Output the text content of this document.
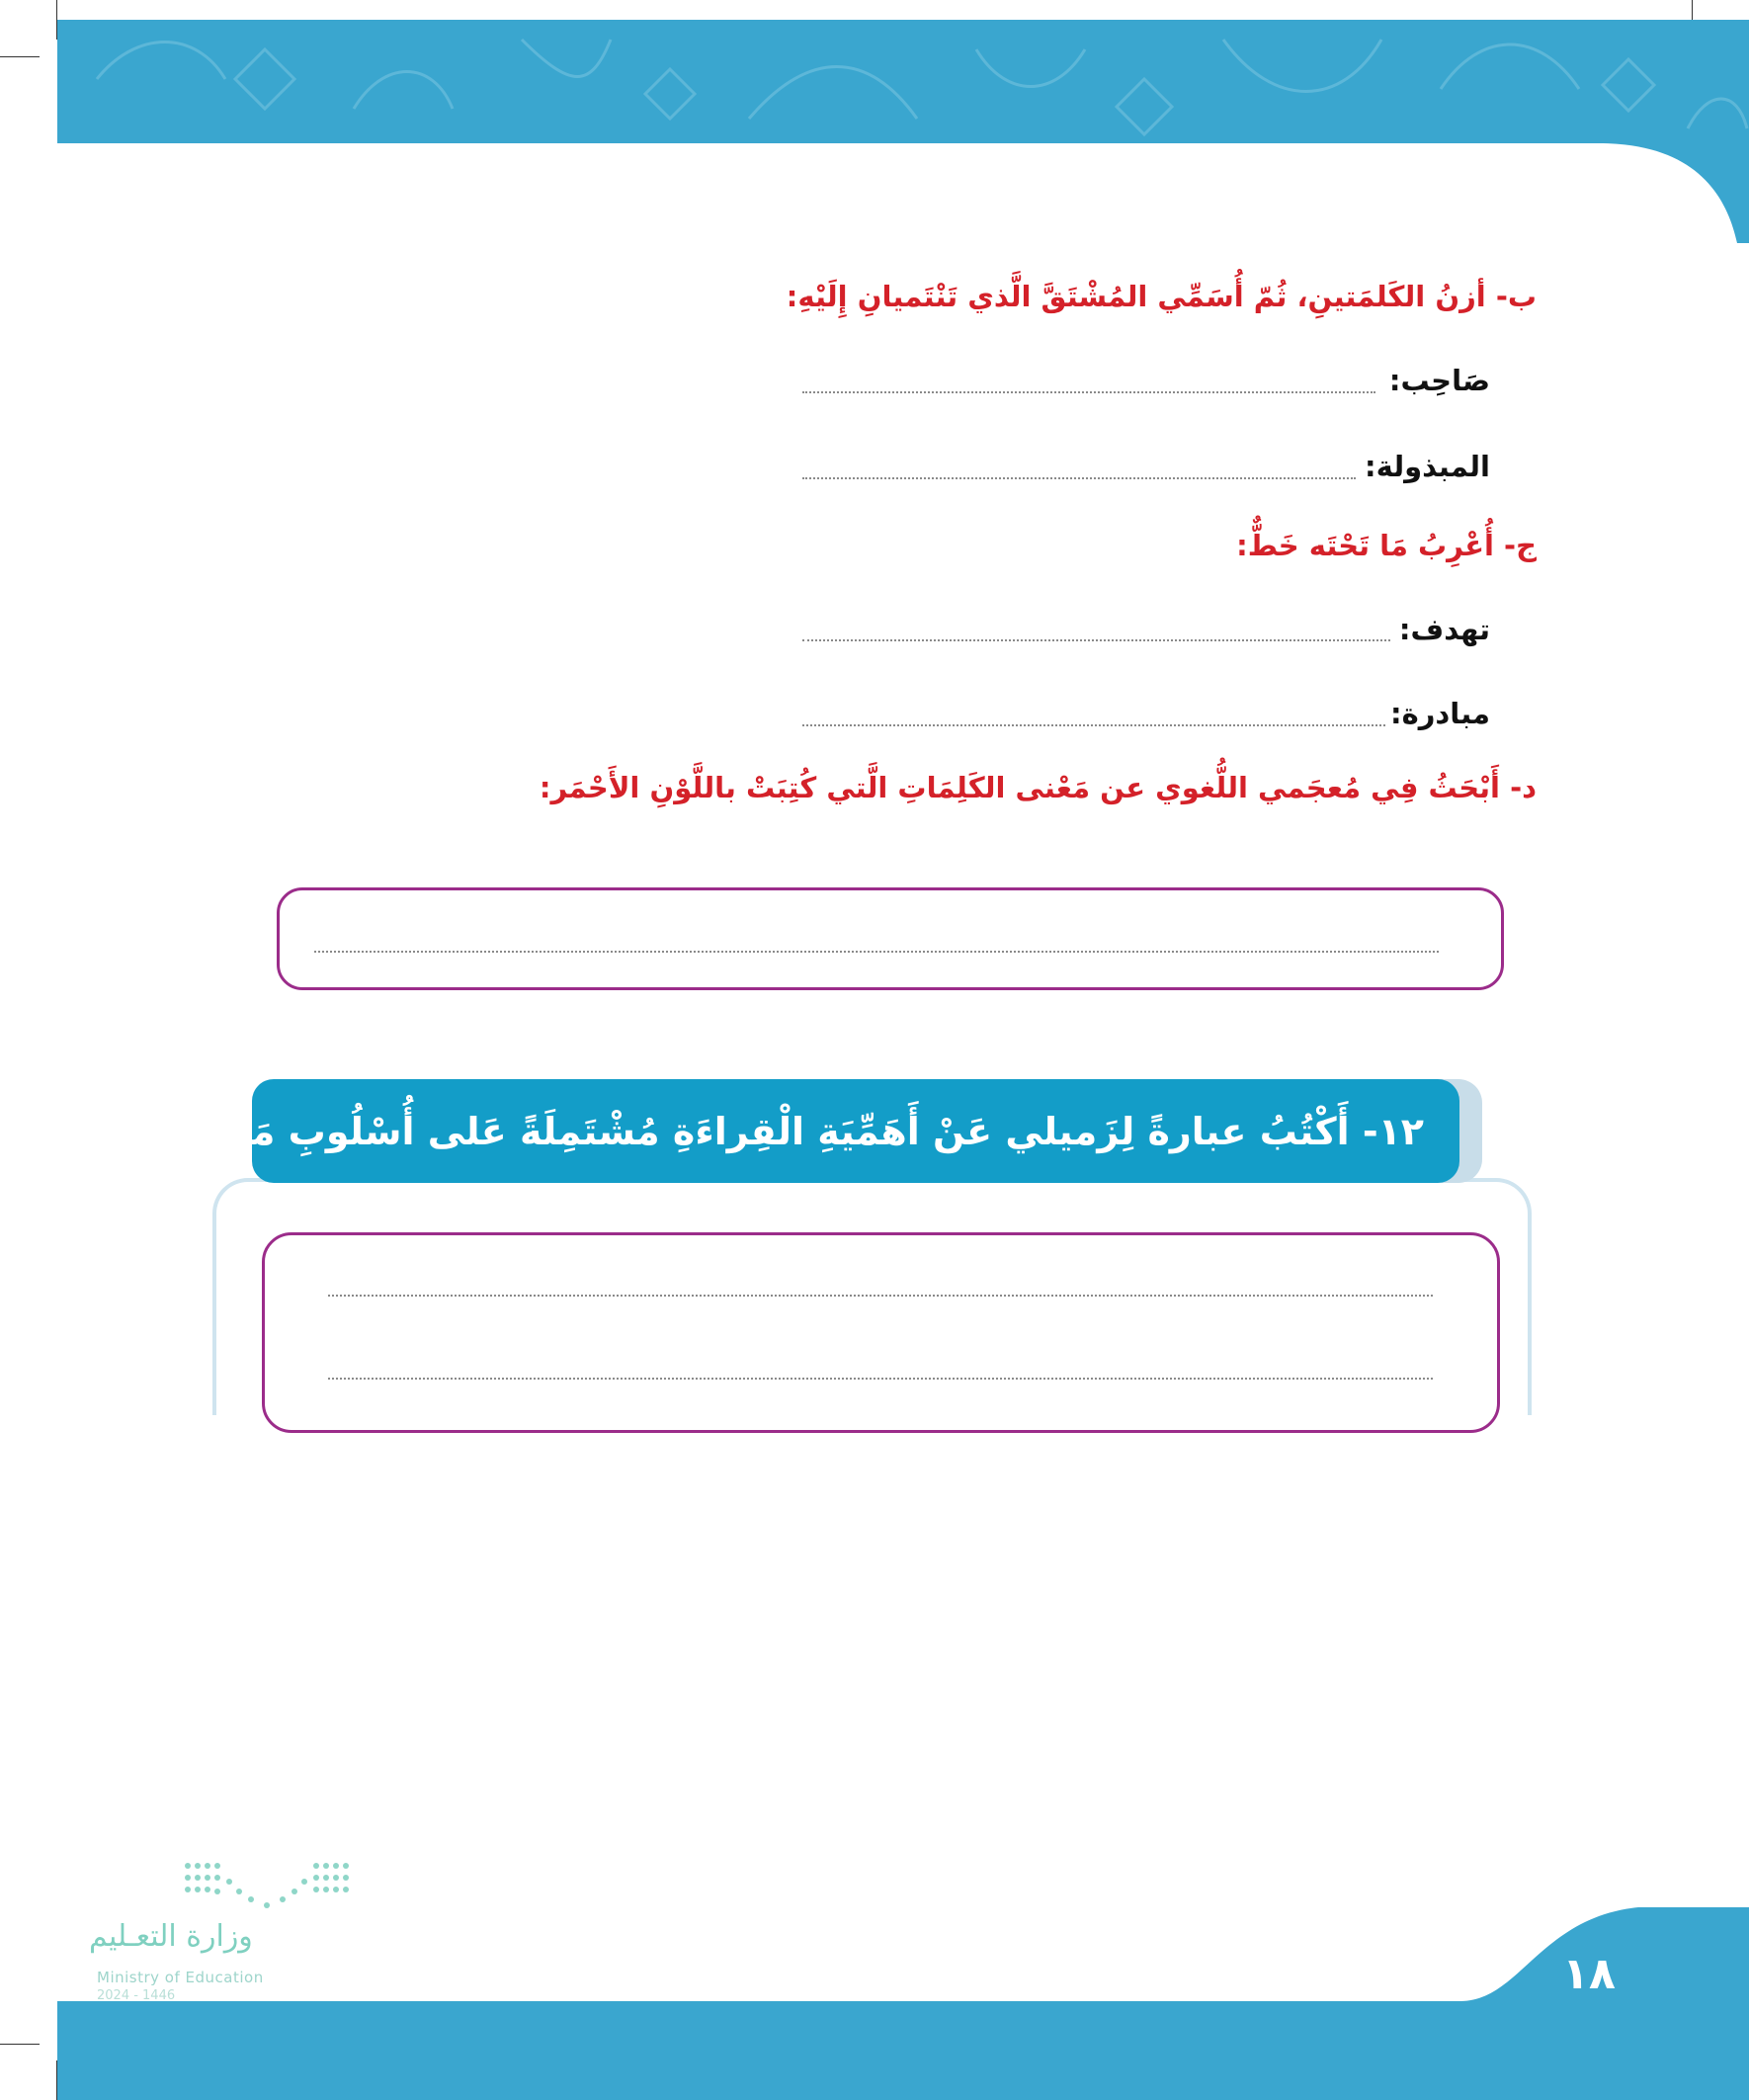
ب- أزنُ الكَلمَتينِ، ثُمّ أُسَمِّي المُشْتَقَّ الَّذي تَنْتَميانِ إِلَيْهِ:
صَاحِب:
المبذولة:
ج- أُعْرِبُ مَا تَحْتَه خَطٌّ:
تهدف:
مبادرة:
د- أَبْحَثُ فِي مُعجَمي اللُّغوي عن مَعْنى الكَلِمَاتِ الَّتي كُتِبَتْ باللَّوْنِ الأَحْمَر:
١٢- أَكْتُبُ عبارةً لِزَميلي عَنْ أَهَمِّيَةِ الْقِراءَةِ مُشْتَمِلَةً عَلى أُسْلُوبِ مَدْح.
١٨
وزارة التعـليم
Ministry of Education
2024 - 1446
